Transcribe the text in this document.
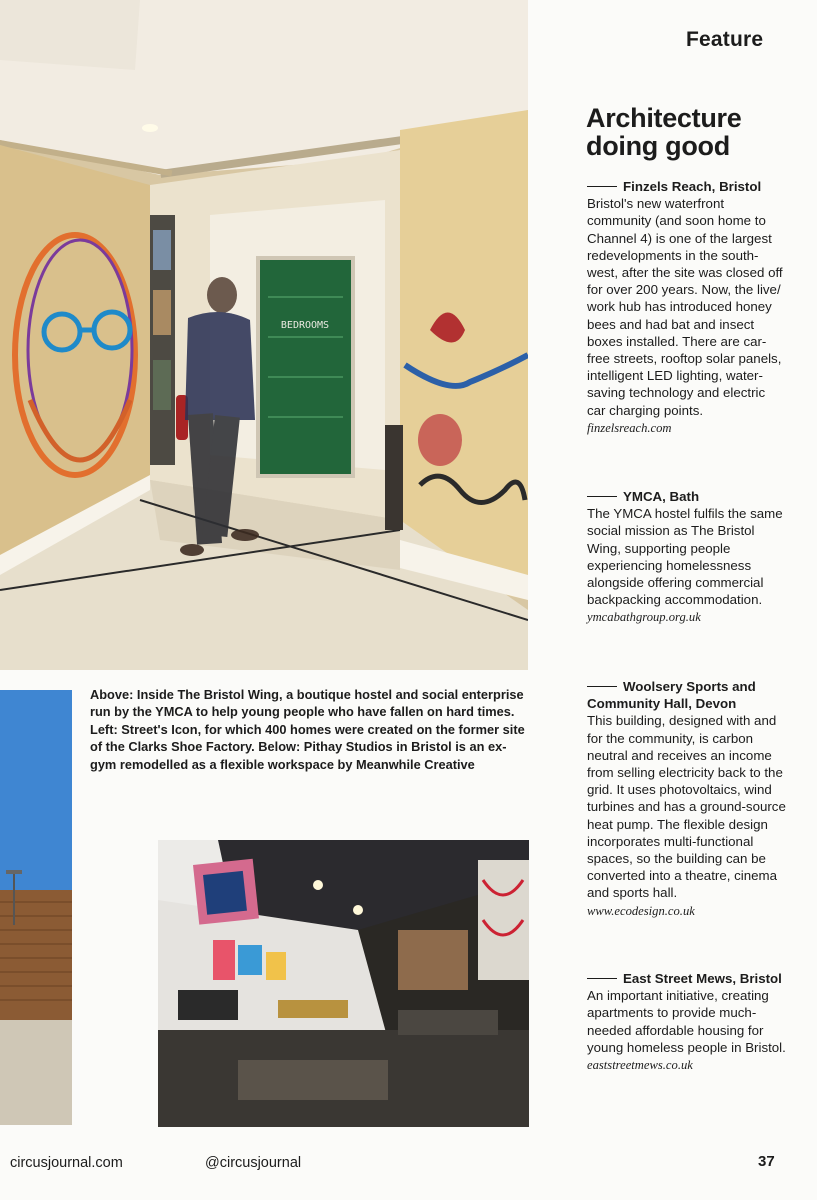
BEDROOMS
Above: Inside The Bristol Wing, a boutique hostel and social enterprise run by the YMCA to help young people who have fallen on hard times. Left: Street's Icon, for which 400 homes were created on the former site of the Clarks Shoe Factory. Below: Pithay Studios in Bristol is an ex-gym remodelled as a flexible workspace by Meanwhile Creative
Feature
Architecture doing good
Finzels Reach, Bristol

Bristol's new waterfront community (and soon home to Channel 4) is one of the largest redevelopments in the south-west, after the site was closed off for over 200 years. Now, the live/ work hub has introduced honey bees and had bat and insect boxes installed. There are car-free streets, rooftop solar panels, intelligent LED lighting, water-saving technology and electric car charging points.

finzelsreach.com

YMCA, Bath

The YMCA hostel fulfils the same social mission as The Bristol Wing, supporting people experiencing homelessness alongside offering commercial backpacking accommodation.

ymcabathgroup.org.uk

Woolsery Sports and Community Hall, Devon

This building, designed with and for the community, is carbon neutral and receives an income from selling electricity back to the grid. It uses photovoltaics, wind turbines and has a ground-source heat pump. The flexible design incorporates multi-functional spaces, so the building can be converted into a theatre, cinema and sports hall.

www.ecodesign.co.uk

East Street Mews, Bristol

An important initiative, creating apartments to provide much-needed affordable housing for young homeless people in Bristol.

eaststreetmews.co.uk

circusjournal.com	@circusjournal	37
